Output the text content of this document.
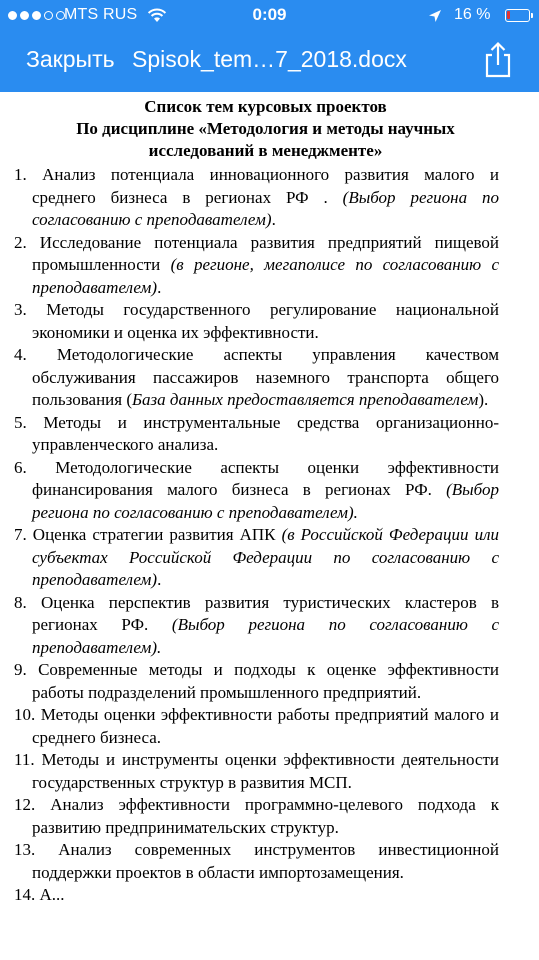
MTS RUS	0:09	16 %
Закрыть Spisok_tem…7_2018.docx
Список тем курсовых проектов
По дисциплине «Методология и методы научных исследований в менеджменте»
1. Анализ потенциала инновационного развития малого и среднего бизнеса в регионах РФ . (Выбор региона по согласованию с преподавателем).
2. Исследование потенциала развития предприятий пищевой промышленности (в регионе, мегаполисе по согласованию с преподавателем).
3. Методы государственного регулирование национальной экономики и оценка их эффективности.
4. Методологические аспекты управления качеством обслуживания пассажиров наземного транспорта общего пользования (База данных предоставляется преподавателем).
5. Методы и инструментальные средства организационно-управленческого анализа.
6. Методологические аспекты оценки эффективности финансирования малого бизнеса в регионах РФ. (Выбор региона по согласованию с преподавателем).
7. Оценка стратегии развития АПК (в Российской Федерации или субъектах Российской Федерации по согласованию с преподавателем).
8. Оценка перспектив развития туристических кластеров в регионах РФ. (Выбор региона по согласованию с преподавателем).
9. Современные методы и подходы к оценке эффективности работы подразделений промышленного предприятий.
10. Методы оценки эффективности работы предприятий малого и среднего бизнеса.
11. Методы и инструменты оценки эффективности деятельности государственных структур в развития МСП.
12. Анализ эффективности программно-целевого подхода к развитию предпринимательских структур.
13. Анализ современных инструментов инвестиционной поддержки проектов в области импортозамещения.
14. А...
